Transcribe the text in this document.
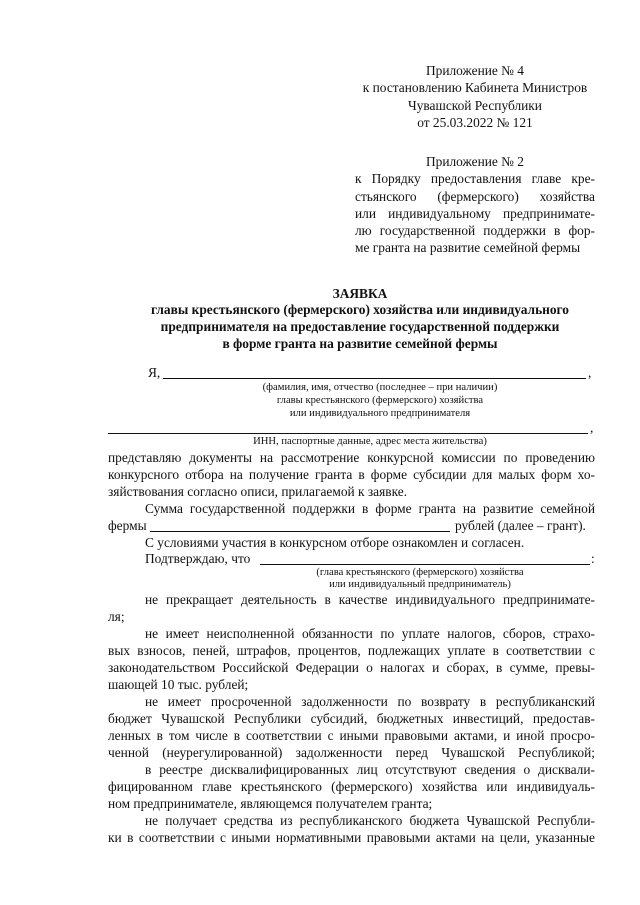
Приложение № 4
к постановлению Кабинета Министров
Чувашской Республики
от 25.03.2022 № 121
Приложение № 2
к Порядку предоставления главе кре-
стьянского (фермерского) хозяйства
или индивидуальному предпринимате-
лю государственной поддержки в фор-
ме гранта на развитие семейной фермы
ЗАЯВКА
главы крестьянского (фермерского) хозяйства или индивидуального
предпринимателя на предоставление государственной поддержки
в форме гранта на развитие семейной фермы
Я,	,
(фамилия, имя, отчество (последнее – при наличии)
главы крестьянского (фермерского) хозяйства
или индивидуального предпринимателя
,
ИНН, паспортные данные, адрес места жительства)
представляю документы на рассмотрение конкурсной комиссии по проведению
конкурсного отбора на получение гранта в форме субсидии для малых форм хо-
зяйствования согласно описи, прилагаемой к заявке.
Сумма государственной поддержки в форме гранта на развитие семейной
фермы	рублей (далее – грант).
С условиями участия в конкурсном отборе ознакомлен и согласен.
Подтверждаю, что	:
(глава крестьянского (фермерского) хозяйства
или индивидуальный предприниматель)
не прекращает деятельность в качестве индивидуального предпринимате-
ля;
не имеет неисполненной обязанности по уплате налогов, сборов, страхо-
вых взносов, пеней, штрафов, процентов, подлежащих уплате в соответствии с
законодательством Российской Федерации о налогах и сборах, в сумме, превы-
шающей 10 тыс. рублей;
не имеет просроченной задолженности по возврату в республиканский
бюджет Чувашской Республики субсидий, бюджетных инвестиций, предостав-
ленных в том числе в соответствии с иными правовыми актами, и иной просро-
ченной (неурегулированной) задолженности перед Чувашской Республикой;
в реестре дисквалифицированных лиц отсутствуют сведения о дисквали-
фицированном главе крестьянского (фермерского) хозяйства или индивидуаль-
ном предпринимателе, являющемся получателем гранта;
не получает средства из республиканского бюджета Чувашской Республи-
ки в соответствии с иными нормативными правовыми актами на цели, указанные
